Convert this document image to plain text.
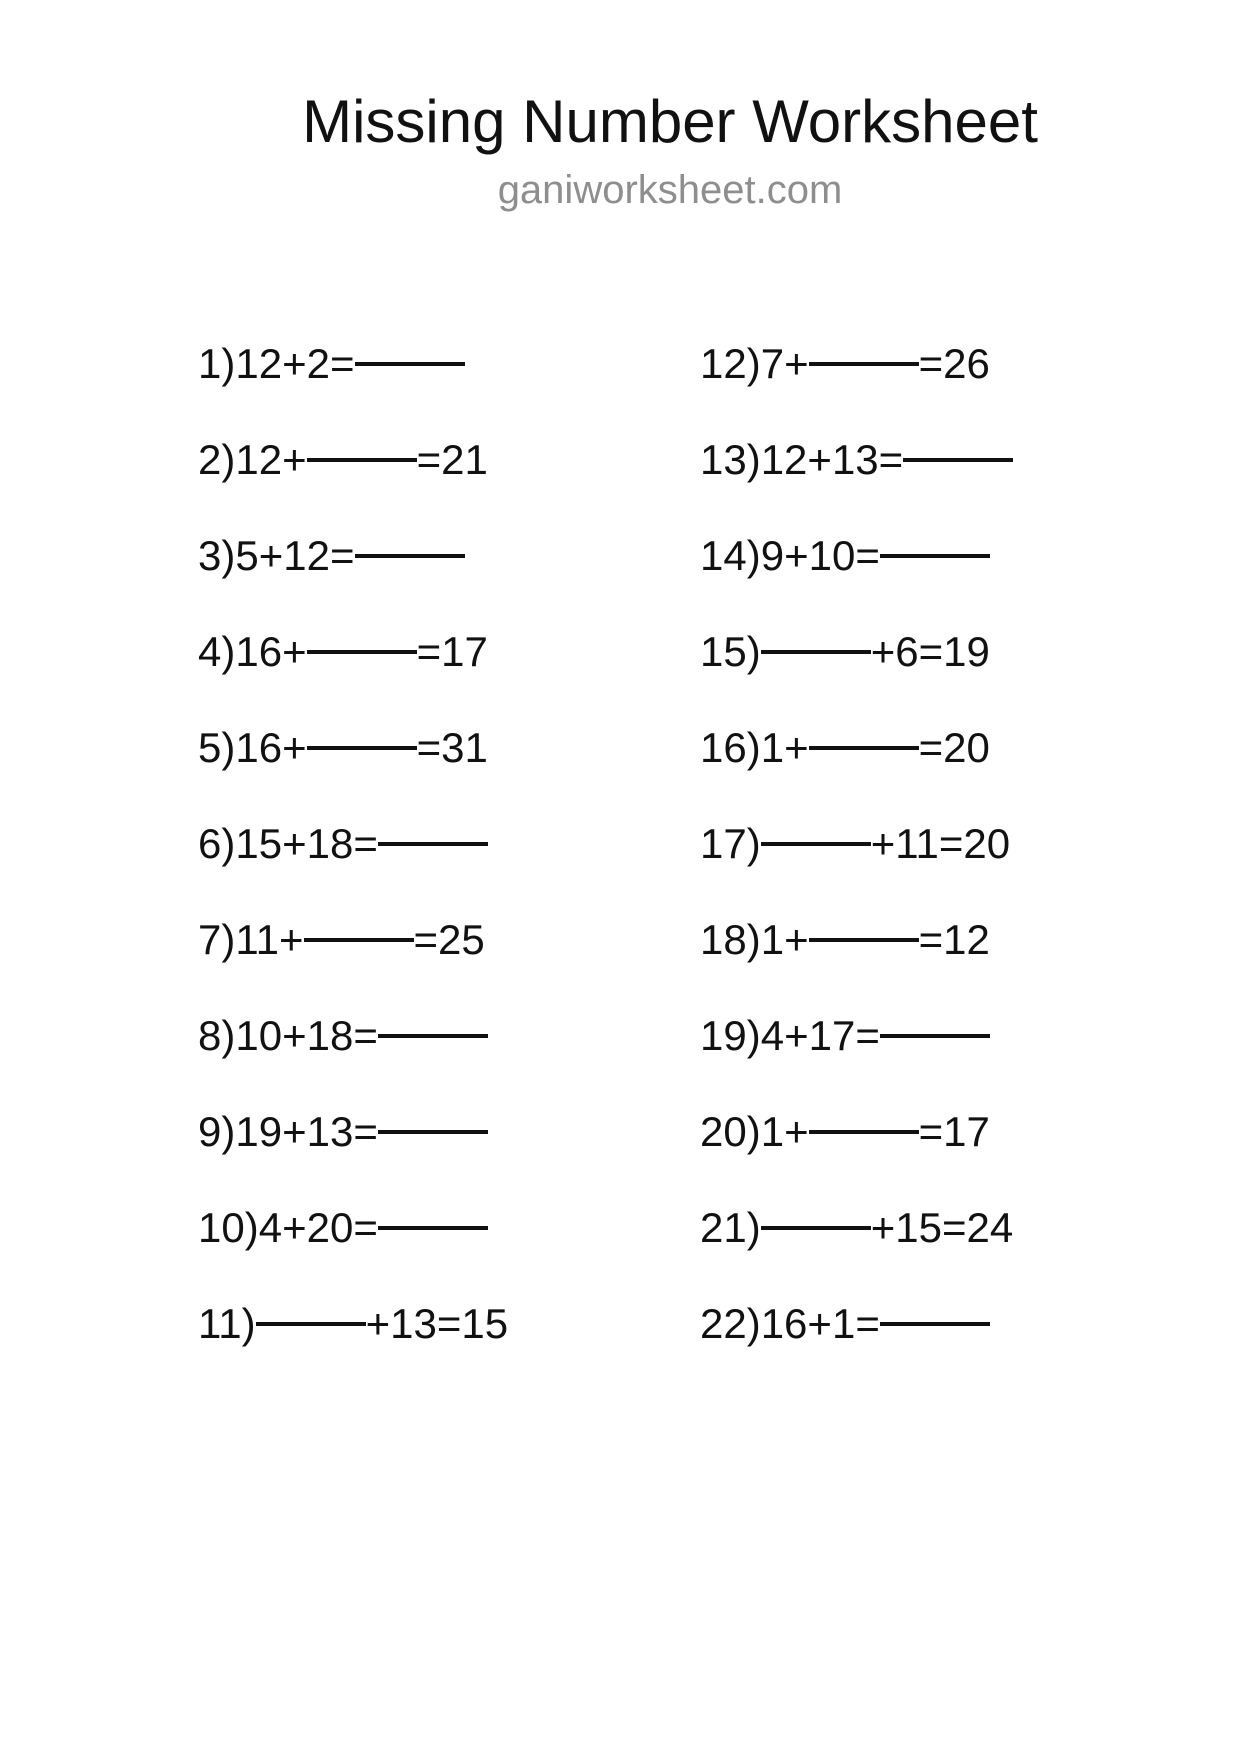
Missing Number Worksheet
ganiworksheet.com
1) 12 + 2 =
2) 12 +	= 21
3) 5 + 12 =
4) 16 +	= 17
5) 16 +	= 31
6) 15 + 18 =
7) 11 +	= 25
8) 10 + 18 =
9) 19 + 13 =
10) 4 + 20 =
11)	+ 13 = 15
12) 7 +	= 26
13) 12 + 13 =
14) 9 + 10 =
15)	+ 6 = 19
16) 1 +	= 20
17)	+ 11 = 20
18) 1 +	= 12
19) 4 + 17 =
20) 1 +	= 17
21)	+ 15 = 24
22) 16 + 1 =
